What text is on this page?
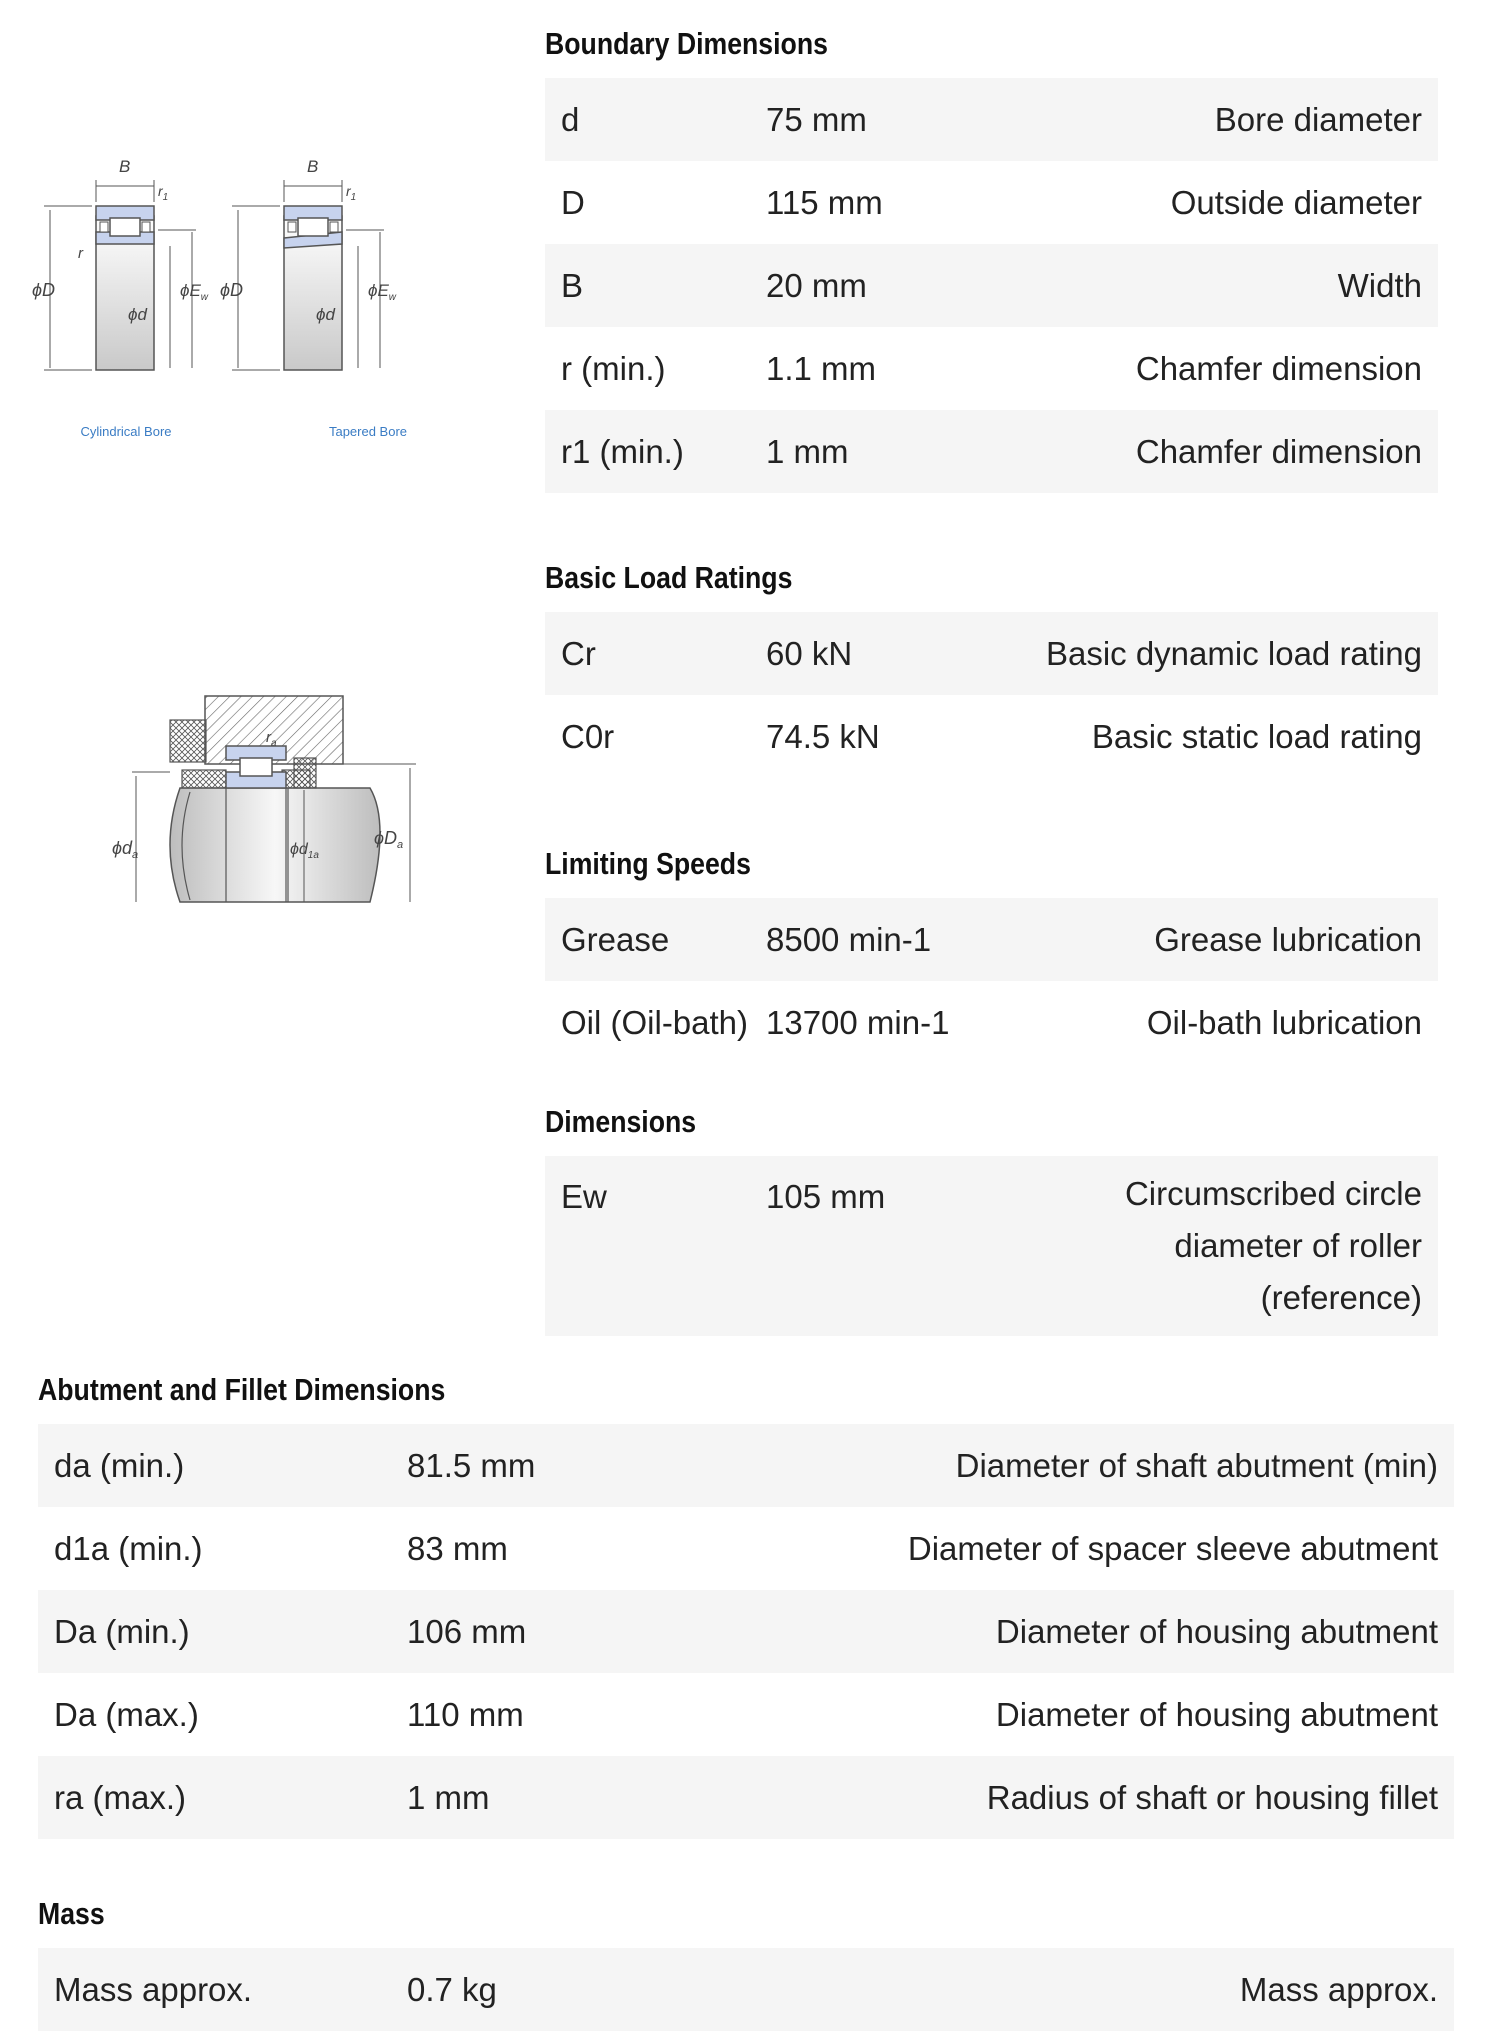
B
$r_1$
r
ϕD
ϕd
$\phi E_w$
Cylindrical Bore
B
$r_1$
ϕD
ϕd
$\phi E_w$
Tapered Bore
$r_a$
$\phi d_a$	$\phi d_{1a}$
$\phi D_a$
Boundary Dimensions
d	75 mm	Bore diameter
D	115 mm	Outside diameter
B	20 mm	Width
r (min.)	1.1 mm	Chamfer dimension
r1 (min.)	1 mm	Chamfer dimension
Basic Load Ratings
Cr	60 kN	Basic dynamic load rating
C0r	74.5 kN	Basic static load rating
Limiting Speeds
Grease	8500 min-1	Grease lubrication
Oil (Oil-bath)	13700 min-1	Oil-bath lubrication
Dimensions
Ew	105 mm	Circumscribed circle diameter of roller (reference)
Abutment and Fillet Dimensions
da (min.)	81.5 mm	Diameter of shaft abutment (min)
d1a (min.)	83 mm	Diameter of spacer sleeve abutment
Da (min.)	106 mm	Diameter of housing abutment
Da (max.)	110 mm	Diameter of housing abutment
ra (max.)	1 mm	Radius of shaft or housing fillet
Mass
Mass approx.	0.7 kg	Mass approx.
